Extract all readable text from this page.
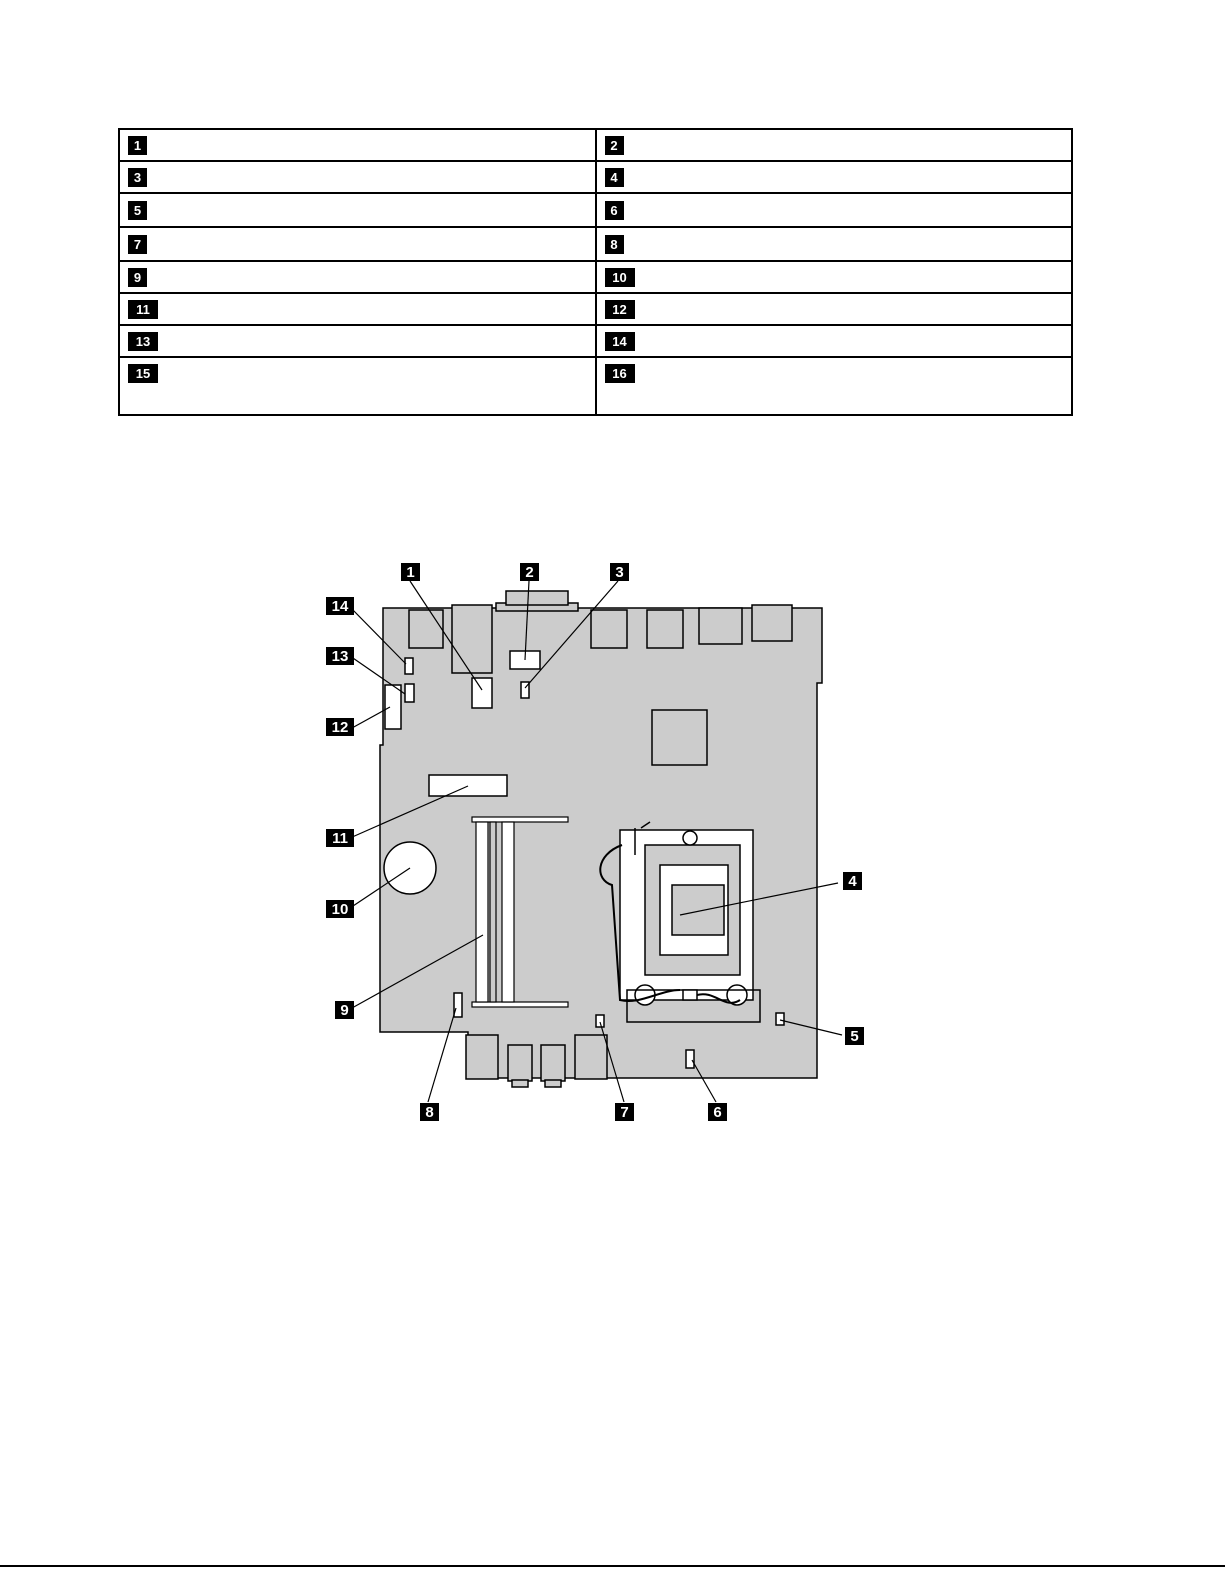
1	2

3	4

5	6

7	8

9	10

11	12

13	14

15	16
1	2	3
4
5
6
7
8
9
10
11
12
13
14
